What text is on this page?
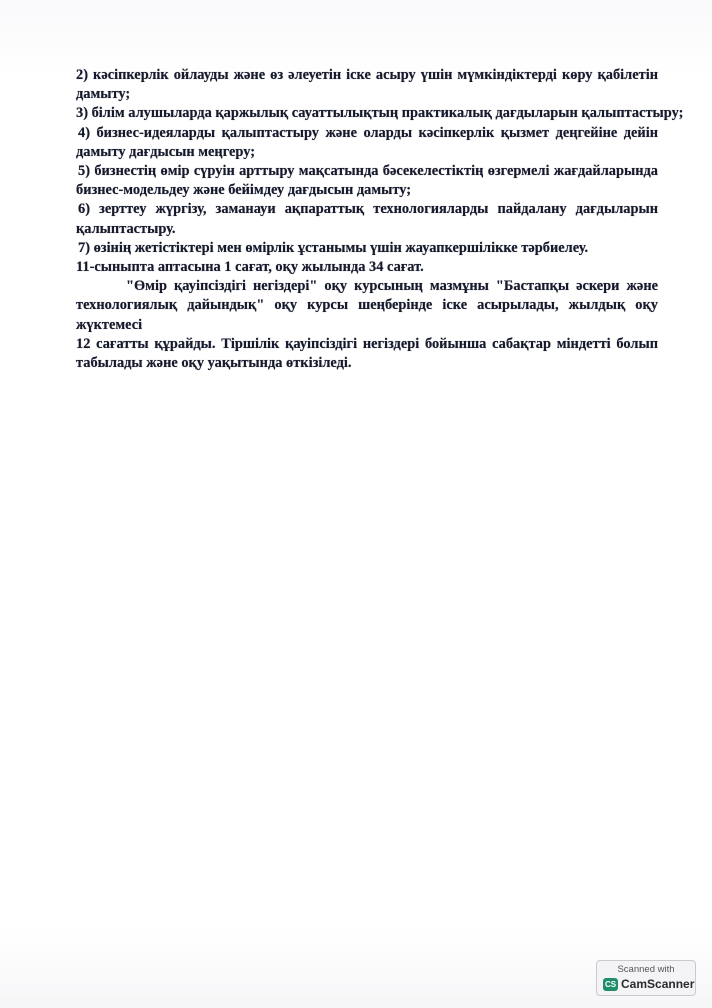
2) кәсіпкерлік ойлауды және өз әлеуетін іске асыру үшін мүмкіндіктерді көру қабілетін
дамыту;
3) білім алушыларда қаржылық сауаттылықтың практикалық дағдыларын қалыптастыру;
4) бизнес-идеяларды қалыптастыру және оларды кәсіпкерлік қызмет деңгейіне дейін
дамыту дағдысын меңгеру;
5) бизнестің өмір сүруін арттыру мақсатында бәсекелестіктің өзгермелі жағдайларында
бизнес-модельдеу және бейімдеу дағдысын дамыту;
6) зерттеу жүргізу, заманауи ақпараттық технологияларды пайдалану дағдыларын
қалыптастыру.
7) өзінің жетістіктері мен өмірлік ұстанымы үшін жауапкершілікке тәрбиелеу.
11-сыныпта аптасына 1 сағат, оқу жылында 34 сағат.
"Өмір қауіпсіздігі негіздері" оқу курсының мазмұны "Бастапқы әскери және
технологиялық дайындық" оқу курсы шеңберінде іске асырылады, жылдық оқу жүктемесі
12 сағатты құрайды. Тіршілік қауіпсіздігі негіздері бойынша сабақтар міндетті болып
табылады және оқу уақытында өткізіледі.
Scanned with
CS CamScanner
